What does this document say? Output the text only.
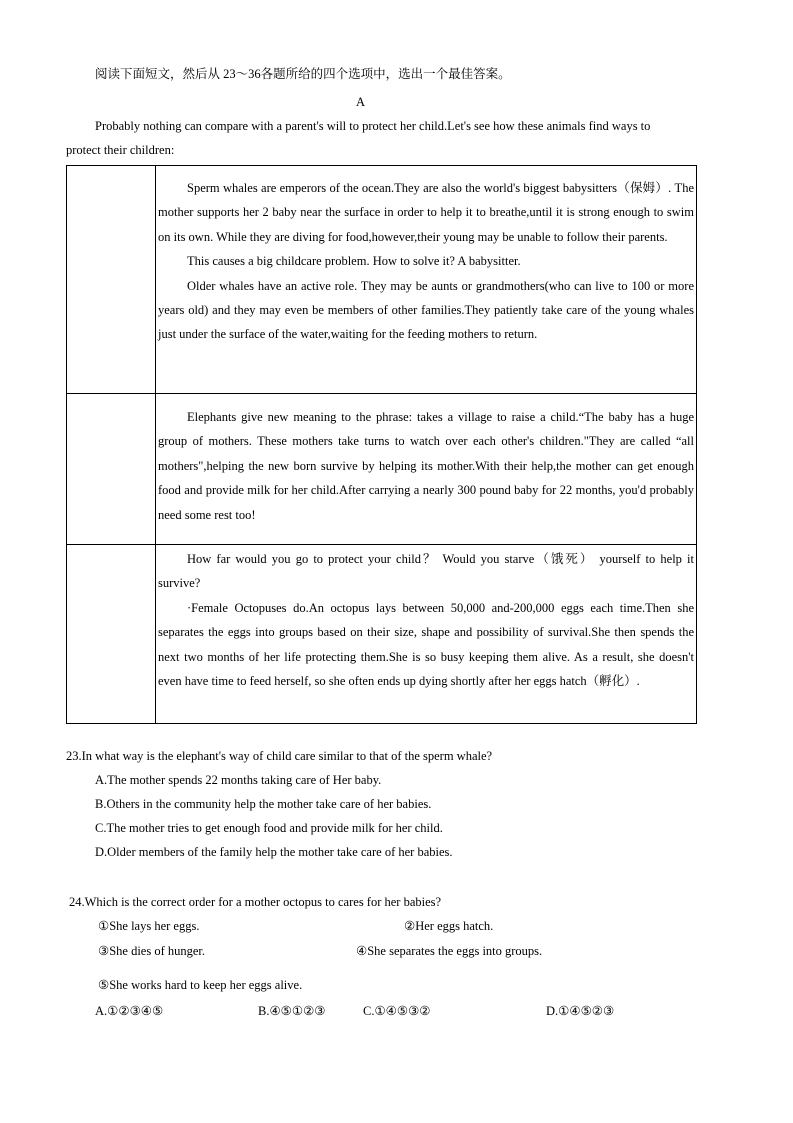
阅读下面短文，然后从 23～36各题所给的四个选项中，选出一个最佳答案。
A
Probably nothing can compare with a parent's will to protect her child.Let's see how these animals find ways to
protect their children:

	Sperm whales are emperors of the ocean.They are also the world's biggest babysitters（保姆）. The mother supports her 2 baby near the surface in order to help it to breathe,until it is strong enough to swim on its own. While they are diving for food,however,their young may be unable to follow their parents.

This causes a big childcare problem. How to solve it? A babysitter.

Older whales have an active role. They may be aunts or grandmothers(who can live to 100 or more years old) and they may even be members of other families.They patiently take care of the young whales just under the surface of the water,waiting for the feeding mothers to return.

	Elephants give new meaning to the phrase: takes a village to raise a child.“The baby has a huge group of mothers. These mothers take turns to watch over each other's children."They are called “all mothers",helping the new born survive by helping its mother.With their help,the mother can get enough food and provide milk for her child.After carrying a nearly 300 pound baby for 22 months, you'd probably need some rest too!

	How far would you go to protect your child？ Would you starve（饿死） yourself to help it survive?

·Female Octopuses do.An octopus lays between 50,000 and-200,000 eggs each time.Then she separates the eggs into groups based on their size, shape and possibility of survival.She then spends the next two months of her life protecting them.She is so busy keeping them alive. As a result, she doesn't even have time to feed herself, so she often ends up dying shortly after her eggs hatch（孵化）.

23.In what way is the elephant's way of child care similar to that of the sperm whale?
A.The mother spends 22 months taking care of Her baby.
B.Others in the community help the mother take care of her babies.
C.The mother tries to get enough food and provide milk for her child.
D.Older members of the family help the mother take care of her babies.
24.Which is the correct order for a mother octopus to cares for her babies?
①She lays her eggs.	②Her eggs hatch.
③She dies of hunger.	④She separates the eggs into groups.
⑤She works hard to keep her eggs alive.
A.①②③④⑤	B.④⑤①②③	C.①④⑤③②	D.①④⑤②③
